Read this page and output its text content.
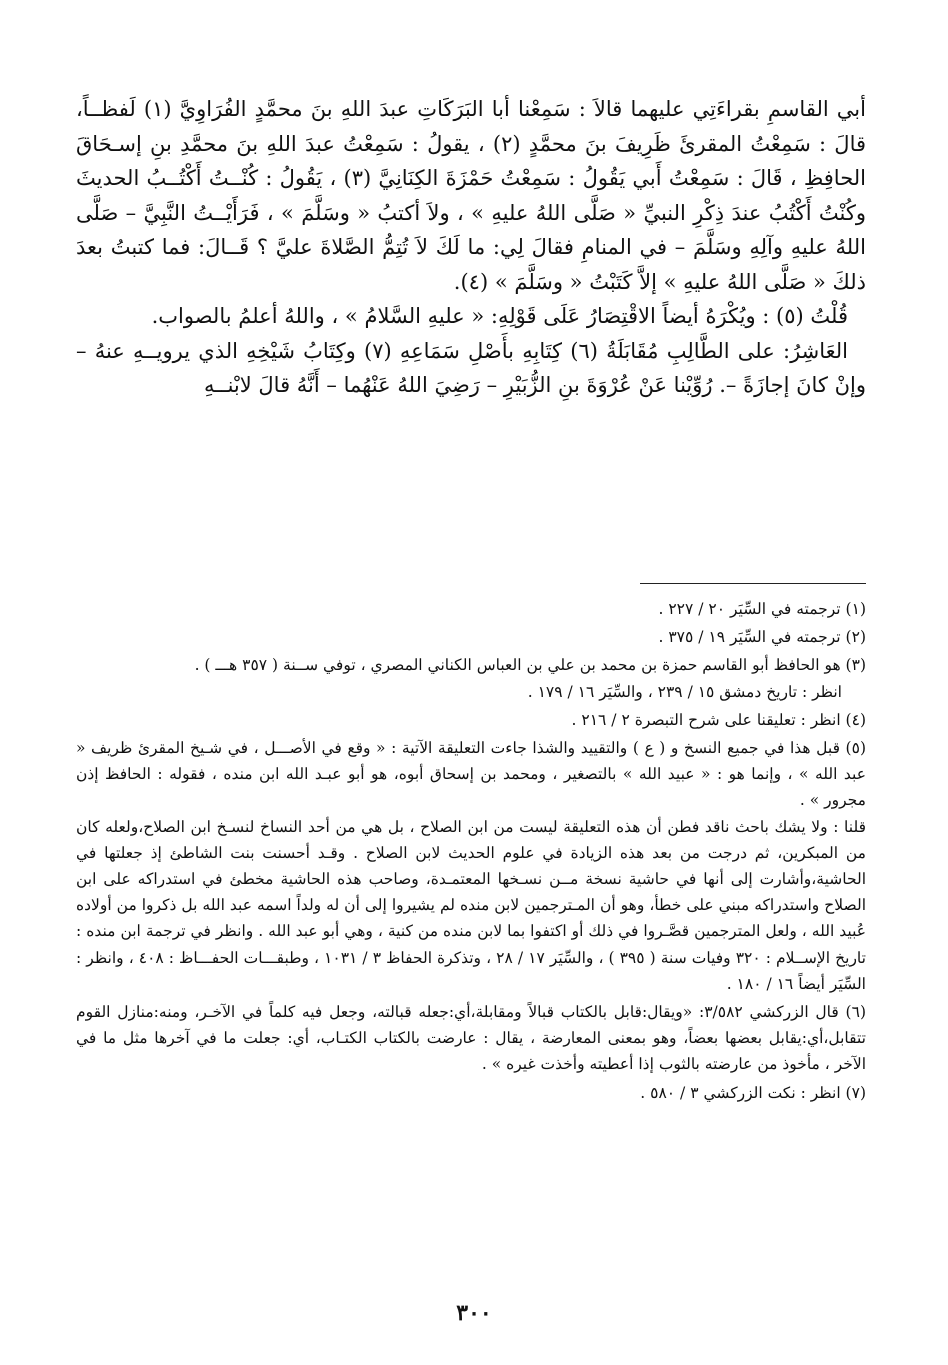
أبي القاسمِ بقراءَتِي عليهما قالاَ : سَمِعْنا أبا البَرَكَاتِ عبدَ اللهِ بنَ محمَّدٍ الفُرَاوِيَّ (١) لَفظــاً، قالَ : سَمِعْتُ المقرئَ ظَرِيفَ بنَ محمَّدٍ (٢) ، يقولُ : سَمِعْتُ عبدَ اللهِ بنَ محمَّدِ بنِ إسـحَاقَ الحافِظِ ، قَالَ : سَمِعْتُ أَبي يَقُولُ : سَمِعْتُ حَمْزَةَ الكِنَانِيَّ (٣) ، يَقُولُ : كُنْــتُ أَكْتُــبُ الحديثَ وكُنْتُ أَكْتُبُ عندَ ذِكْرِ النبيِّ « صَلَّى اللهُ عليهِ » ، ولاَ أكتبُ « وسَلَّمَ » ، فَرَأَيْــتُ النَّبِيَّ – صَلَّى اللهُ عليهِ وآلِهِ وسَلَّمَ – في المنامِ فقالَ لِي: ما لَكَ لاَ تُتِمُّ الصَّلاةَ عليَّ ؟ قَــالَ: فما كتبتُ بعدَ ذلكَ « صَلَّى اللهُ عليهِ » إلاَّ كَتَبْتُ « وسَلَّمَ » (٤).

قُلْتُ (٥) : ويُكْرَهُ أيضاً الاقْتِصَارُ عَلَى قَوْلِهِ: « عليهِ السَّلامُ » ، واللهُ أعلمُ بالصواب.

العَاشِرُ: على الطَّالِبِ مُقَابَلَةُ (٦) كِتَابِهِ بأَصْلِ سَمَاعِهِ (٧) وكِتَابُ شَيْخِهِ الذي يرويــهِ عنهُ – وإنْ كانَ إجازَةً –. رُوِّيْنا عَنْ عُرْوَةَ بنِ الزُّبَيْرِ – رَضِيَ اللهُ عَنْهُما – أَنَّهُ قالَ لابْنــهِ

(١) ترجمته في السِّيَر ٢٠ / ٢٢٧ .
(٢) ترجمته في السِّيَر ١٩ / ٣٧٥ .
(٣) هو الحافظ أبو القاسم حمزة بن محمد بن علي بن العباس الكناني المصري ، توفي ســنة ( ٣٥٧ هـــ ) .
انظر : تاريخ دمشق ١٥ / ٢٣٩ ، والسِّيَر ١٦ / ١٧٩ .
(٤) انظر : تعليقنا على شرح التبصرة ٢ / ٢١٦ .
(٥) قبل هذا في جميع النسخ و ( ع ) والتقييد والشذا جاءت التعليقة الآتية : « وقع في الأصـــل ، في شـيخ المقرئ ظريف « عبد الله » ، وإنما هو : « عبيد الله » بالتصغير ، ومحمد بن إسحاق أبوه، هو أبو عبـد الله ابن منده ، فقوله : الحافظ إذن مجرور » .
قلنا : ولا يشك باحث ناقد فطن أن هذه التعليقة ليست من ابن الصلاح ، بل هي من أحد النساخ لنسـخ ابن الصلاح،ولعله كان من المبكرين، ثم درجت من بعد هذه الزيادة في علوم الحديث لابن الصلاح . وقـد أحسنت بنت الشاطئ إذ جعلتها في الحاشية،وأشارت إلى أنها في حاشية نسخة مــن نسـخها المعتمـدة، وصاحب هذه الحاشية مخطئ في استدراكه على ابن الصلاح واستدراكه مبني على خطأ، وهو أن المـترجمين لابن منده لم يشيروا إلى أن له ولداً اسمه عبد الله بل ذكروا من أولاده عُبيد الله ، ولعل المترجمين قصَّـروا في ذلك أو اكتفوا بما لابن منده من كنية ، وهي أبو عبد الله . وانظر في ترجمة ابن منده : تاريخ الإســلام : ٣٢٠ وفيات سنة ( ٣٩٥ ) ، والسِّيَر ١٧ / ٢٨ ، وتذكرة الحفاظ ٣ / ١٠٣١ ، وطبقـــات الحفـــاظ : ٤٠٨ ، وانظر : السِّيَر أيضاً ١٦ / ١٨٠ .
(٦) قال الزركشي ٣/٥٨٢: «ويقال:قابل بالكتاب قبالاً ومقابلة،أي:جعله قبالته، وجعل فيه كلماً في الآخـر، ومنه:منازل القوم تتقابل،أي:يقابل بعضها بعضاً، وهو بمعنى المعارضة ، يقال : عارضت بالكتاب الكتـاب، أي: جعلت ما في آخرها مثل ما في الآخر ، مأخوذ من عارضته بالثوب إذا أعطيته وأخذت غيره » .
(٧) انظر : نكت الزركشي ٣ / ٥٨٠ .
٣٠٠
